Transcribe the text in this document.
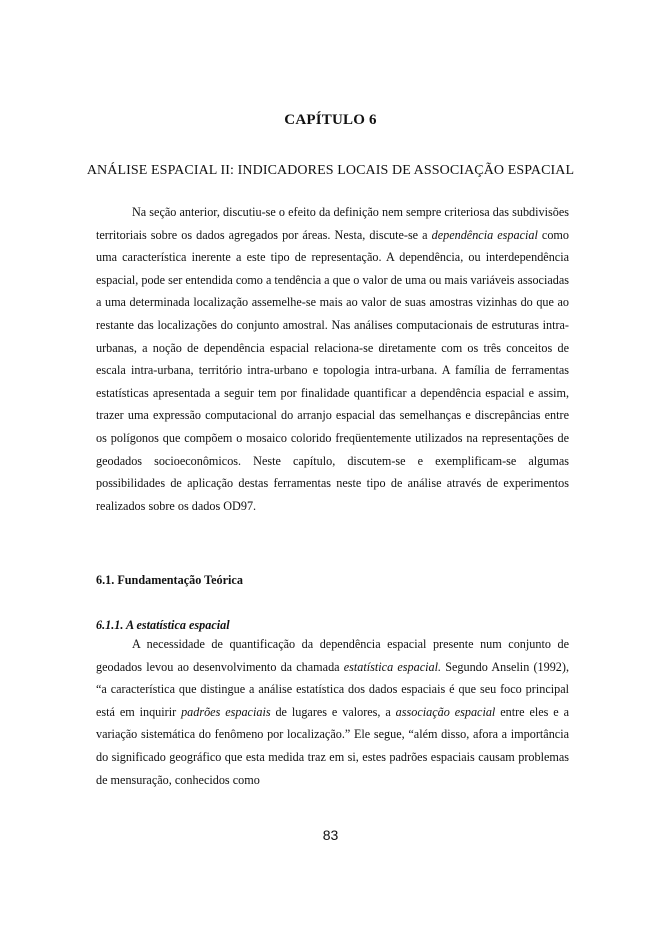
CAPÍTULO 6
ANÁLISE ESPACIAL II: INDICADORES LOCAIS DE ASSOCIAÇÃO ESPACIAL
Na seção anterior, discutiu-se o efeito da definição nem sempre criteriosa das subdivisões territoriais sobre os dados agregados por áreas. Nesta, discute-se a dependência espacial como uma característica inerente a este tipo de representação. A dependência, ou interdependência espacial, pode ser entendida como a tendência a que o valor de uma ou mais variáveis associadas a uma determinada localização assemelhe-se mais ao valor de suas amostras vizinhas do que ao restante das localizações do conjunto amostral. Nas análises computacionais de estruturas intra-urbanas, a noção de dependência espacial relaciona-se diretamente com os três conceitos de escala intra-urbana, território intra-urbano e topologia intra-urbana. A família de ferramentas estatísticas apresentada a seguir tem por finalidade quantificar a dependência espacial e assim, trazer uma expressão computacional do arranjo espacial das semelhanças e discrepâncias entre os polígonos que compõem o mosaico colorido freqüentemente utilizados na representações de geodados socioeconômicos. Neste capítulo, discutem-se e exemplificam-se algumas possibilidades de aplicação destas ferramentas neste tipo de análise através de experimentos realizados sobre os dados OD97.
6.1. Fundamentação Teórica
6.1.1. A estatística espacial
A necessidade de quantificação da dependência espacial presente num conjunto de geodados levou ao desenvolvimento da chamada estatística espacial. Segundo Anselin (1992), “a característica que distingue a análise estatística dos dados espaciais é que seu foco principal está em inquirir padrões espaciais de lugares e valores, a associação espacial entre eles e a variação sistemática do fenômeno por localização.” Ele segue, “além disso, afora a importância do significado geográfico que esta medida traz em si, estes padrões espaciais causam problemas de mensuração, conhecidos como
83
